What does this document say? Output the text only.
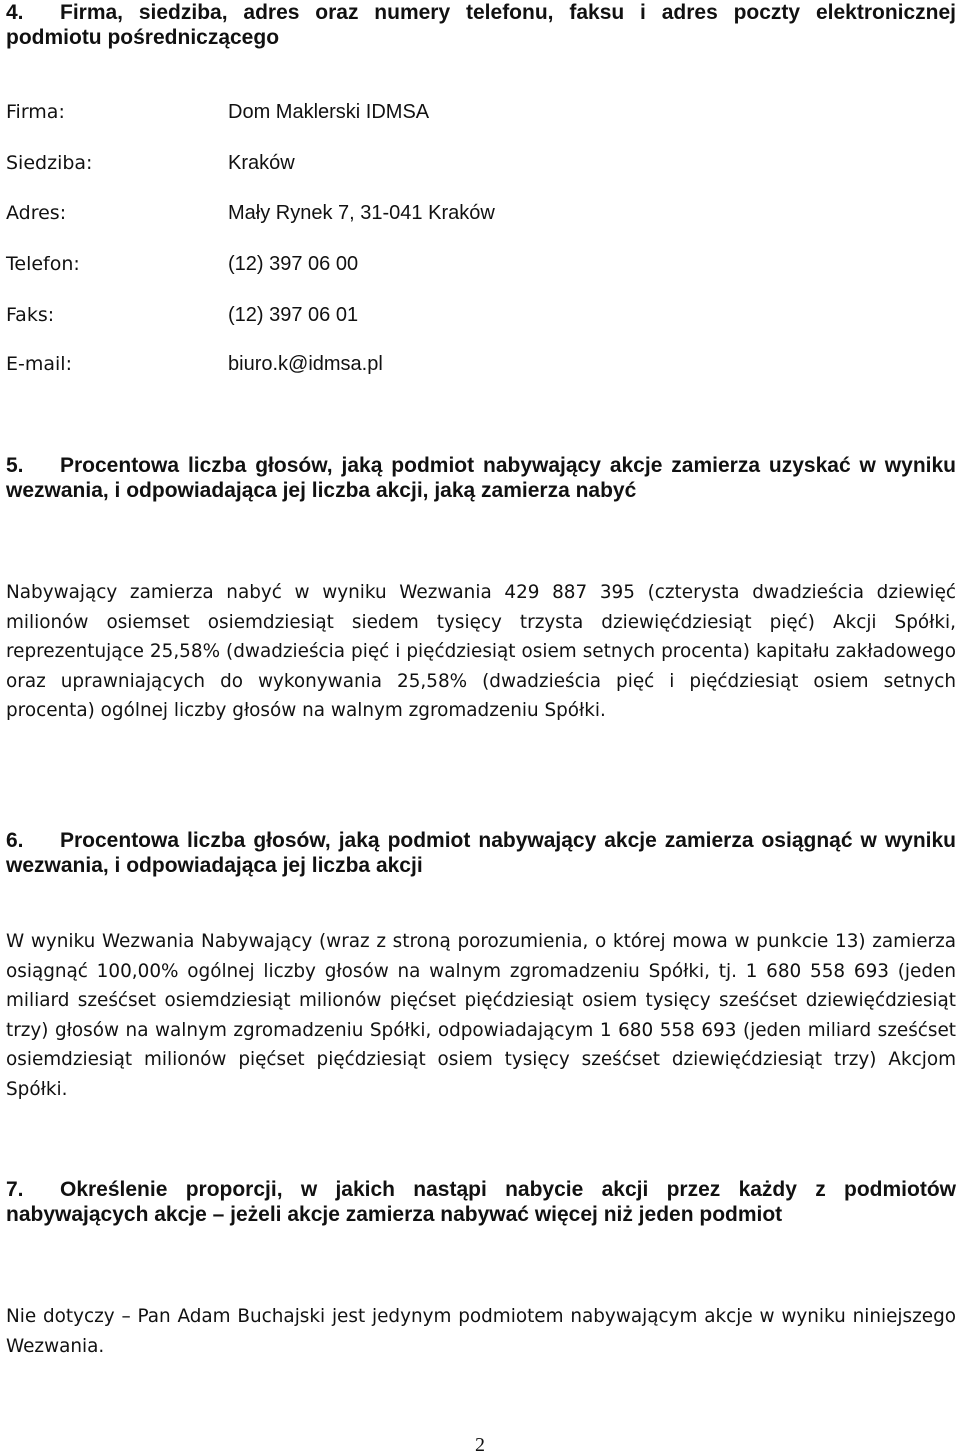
4. Firma, siedziba, adres oraz numery telefonu, faksu i adres poczty elektronicznej podmiotu pośredniczącego

Firma:	Dom Maklerski IDMSA
Siedziba:	Kraków
Adres:	Mały Rynek 7, 31-041 Kraków
Telefon:	(12) 397 06 00
Faks:	(12) 397 06 01
E-mail:	biuro.k@idmsa.pl

5. Procentowa liczba głosów, jaką podmiot nabywający akcje zamierza uzyskać w wyniku wezwania, i odpowiadająca jej liczba akcji, jaką zamierza nabyć

Nabywający zamierza nabyć w wyniku Wezwania 429 887 395 (czterysta dwadzieścia dziewięć milionów osiemset osiemdziesiąt siedem tysięcy trzysta dziewięćdziesiąt pięć) Akcji Spółki, reprezentujące 25,58% (dwadzieścia pięć i pięćdziesiąt osiem setnych procenta) kapitału zakładowego oraz uprawniających do wykonywania 25,58% (dwadzieścia pięć i pięćdziesiąt osiem setnych procenta) ogólnej liczby głosów na walnym zgromadzeniu Spółki.

6. Procentowa liczba głosów, jaką podmiot nabywający akcje zamierza osiągnąć w wyniku wezwania, i odpowiadająca jej liczba akcji

W wyniku Wezwania Nabywający (wraz z stroną porozumienia, o której mowa w punkcie 13) zamierza osiągnąć 100,00% ogólnej liczby głosów na walnym zgromadzeniu Spółki, tj. 1 680 558 693 (jeden miliard sześćset osiemdziesiąt milionów pięćset pięćdziesiąt osiem tysięcy sześćset dziewięćdziesiąt trzy) głosów na walnym zgromadzeniu Spółki, odpowiadającym 1 680 558 693 (jeden miliard sześćset osiemdziesiąt milionów pięćset pięćdziesiąt osiem tysięcy sześćset dziewięćdziesiąt trzy) Akcjom Spółki.

7. Określenie proporcji, w jakich nastąpi nabycie akcji przez każdy z podmiotów nabywających akcje – jeżeli akcje zamierza nabywać więcej niż jeden podmiot

Nie dotyczy – Pan Adam Buchajski jest jedynym podmiotem nabywającym akcje w wyniku niniejszego Wezwania.

2
